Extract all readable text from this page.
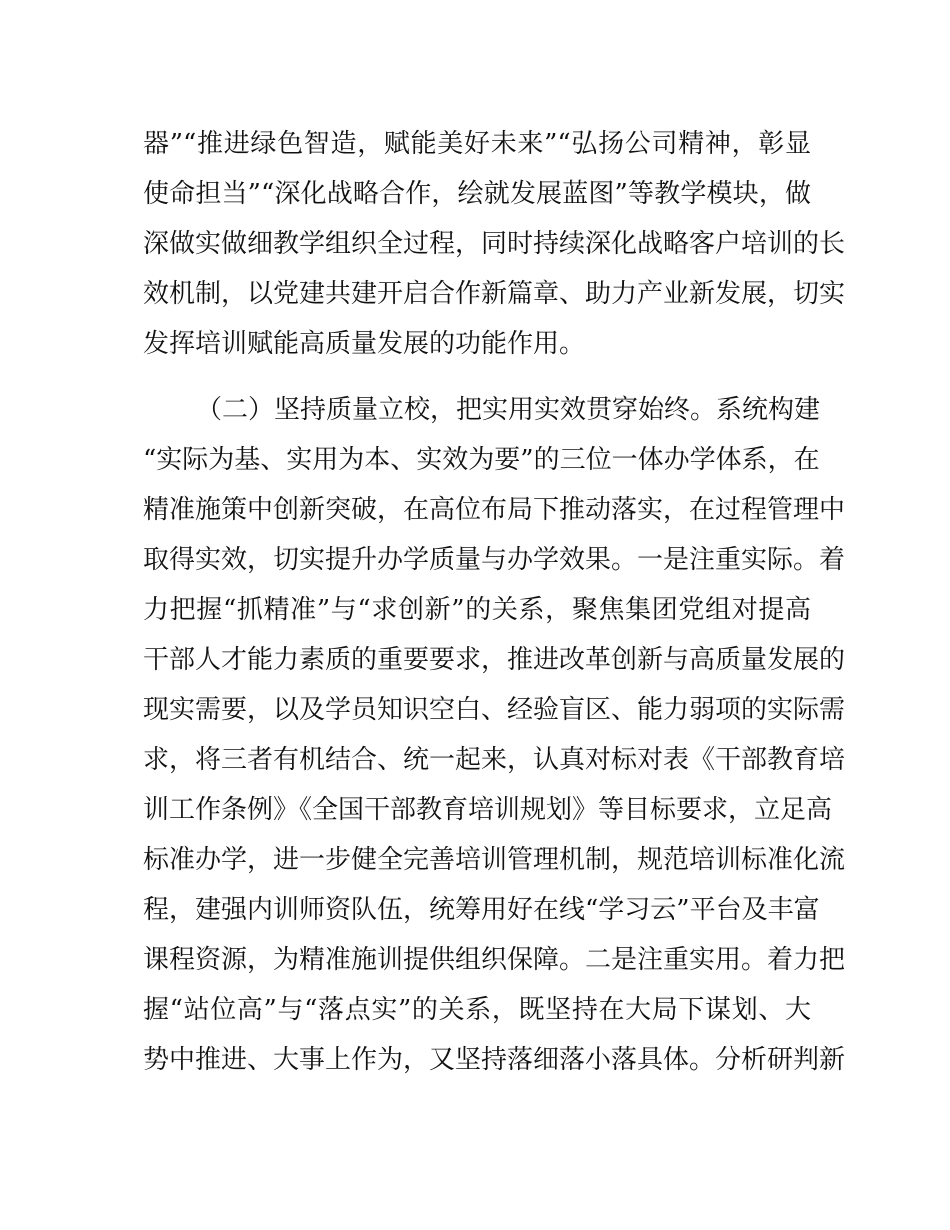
器”“推进绿色智造，赋能美好未来”“弘扬公司精神，彰显
使命担当”“深化战略合作，绘就发展蓝图”等教学模块，做
深做实做细教学组织全过程，同时持续深化战略客户培训的长
效机制，以党建共建开启合作新篇章、助力产业新发展，切实
发挥培训赋能高质量发展的功能作用。
（二）坚持质量立校，把实用实效贯穿始终。系统构建
“实际为基、实用为本、实效为要”的三位一体办学体系，在
精准施策中创新突破，在高位布局下推动落实，在过程管理中
取得实效，切实提升办学质量与办学效果。一是注重实际。着
力把握“抓精准”与“求创新”的关系，聚焦集团党组对提高
干部人才能力素质的重要要求，推进改革创新与高质量发展的
现实需要，以及学员知识空白、经验盲区、能力弱项的实际需
求，将三者有机结合、统一起来，认真对标对表《干部教育培
训工作条例》《全国干部教育培训规划》等目标要求，立足高
标准办学，进一步健全完善培训管理机制，规范培训标准化流
程，建强内训师资队伍，统筹用好在线“学习云”平台及丰富
课程资源，为精准施训提供组织保障。二是注重实用。着力把
握“站位高”与“落点实”的关系，既坚持在大局下谋划、大
势中推进、大事上作为，又坚持落细落小落具体。分析研判新
